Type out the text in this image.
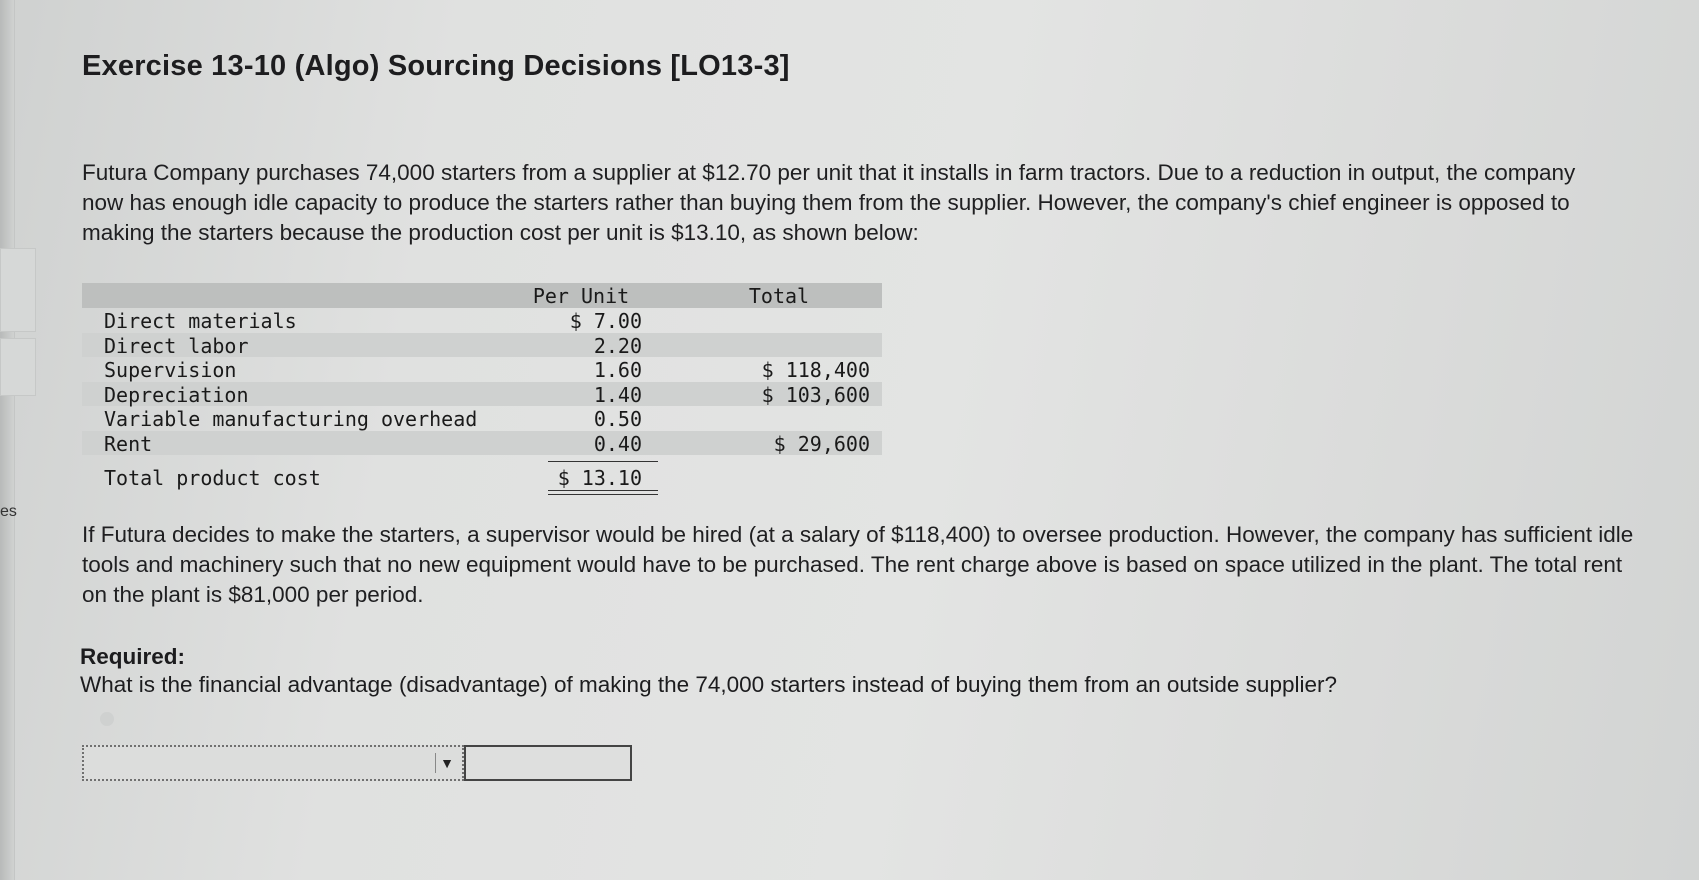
es
Exercise 13-10 (Algo) Sourcing Decisions [LO13-3]

Futura Company purchases 74,000 starters from a supplier at $12.70 per unit that it installs in farm tractors. Due to a reduction in output, the company now has enough idle capacity to produce the starters rather than buying them from the supplier. However, the company's chief engineer is opposed to making the starters because the production cost per unit is $13.10, as shown below:

Per Unit	Total
Direct materials	$ 7.00
Direct labor	2.20
Supervision	1.60	$ 118,400
Depreciation	1.40	$ 103,600
Variable manufacturing overhead	0.50
Rent	0.40	$ 29,600
Total product cost	$ 13.10

If Futura decides to make the starters, a supervisor would be hired (at a salary of $118,400) to oversee production. However, the company has sufficient idle tools and machinery such that no new equipment would have to be purchased. The rent charge above is based on space utilized in the plant. The total rent on the plant is $81,000 per period.

Required:

What is the financial advantage (disadvantage) of making the 74,000 starters instead of buying them from an outside supplier?

▼
